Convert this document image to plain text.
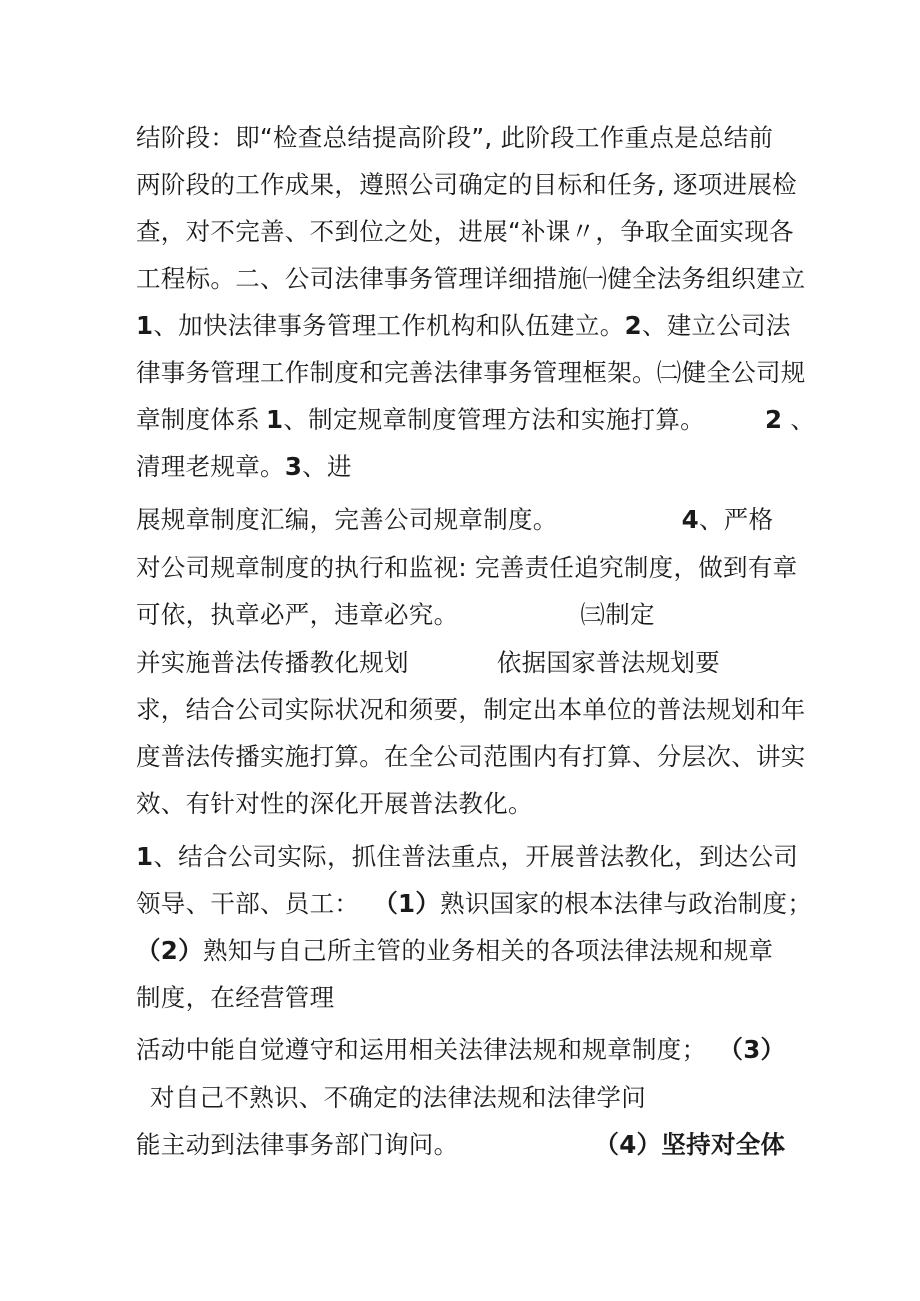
结阶段：即“检查总结提高阶段”, 此阶段工作重点是总结前
两阶段的工作成果，遵照公司确定的目标和任务, 逐项进展检
查，对不完善、不到位之处，进展“补课〃，争取全面实现各
工程标。二、公司法律事务管理详细措施㈠健全法务组织建立
1、加快法律事务管理工作机构和队伍建立。2、建立公司法
律事务管理工作制度和完善法律事务管理框架。㈡健全公司规
章制度体系 1、制定规章制度管理方法和实施打算。 2 、
清理老规章。3、进
展规章制度汇编，完善公司规章制度。	4、严格
对公司规章制度的执行和监视: 完善责任追究制度，做到有章
可依，执章必严，违章必究。	㈢制定
并实施普法传播教化规划	依据国家普法规划要
求，结合公司实际状况和须要，制定出本单位的普法规划和年
度普法传播实施打算。在全公司范围内有打算、分层次、讲实
效、有针对性的深化开展普法教化。
1、结合公司实际，抓住普法重点，开展普法教化，到达公司
领导、干部、员工： （1）熟识国家的根本法律与政治制度；
（2）熟知与自己所主管的业务相关的各项法律法规和规章
制度，在经营管理
活动中能自觉遵守和运用相关法律法规和规章制度； （3）
对自己不熟识、不确定的法律法规和法律学问
能主动到法律事务部门询问。	（4）坚持对全体
